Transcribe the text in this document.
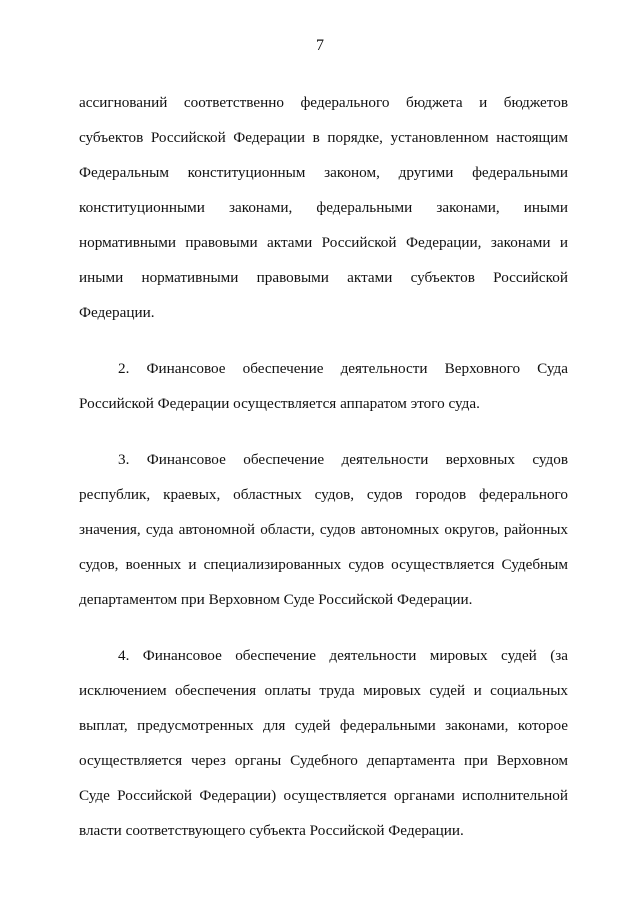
7
ассигнований соответственно федерального бюджета и бюджетов
субъектов Российской Федерации в порядке, установленном настоящим
Федеральным конституционным законом, другими федеральными
конституционными законами, федеральными законами, иными
нормативными правовыми актами Российской Федерации, законами и
иными нормативными правовыми актами субъектов Российской
Федерации.
2. Финансовое обеспечение деятельности Верховного Суда
Российской Федерации осуществляется аппаратом этого суда.
3. Финансовое обеспечение деятельности верховных судов
республик, краевых, областных судов, судов городов федерального
значения, суда автономной области, судов автономных округов, районных
судов, военных и специализированных судов осуществляется Судебным
департаментом при Верховном Суде Российской Федерации.
4. Финансовое обеспечение деятельности мировых судей (за
исключением обеспечения оплаты труда мировых судей и социальных
выплат, предусмотренных для судей федеральными законами, которое
осуществляется через органы Судебного департамента при Верховном
Суде Российской Федерации) осуществляется органами исполнительной
власти соответствующего субъекта Российской Федерации.
